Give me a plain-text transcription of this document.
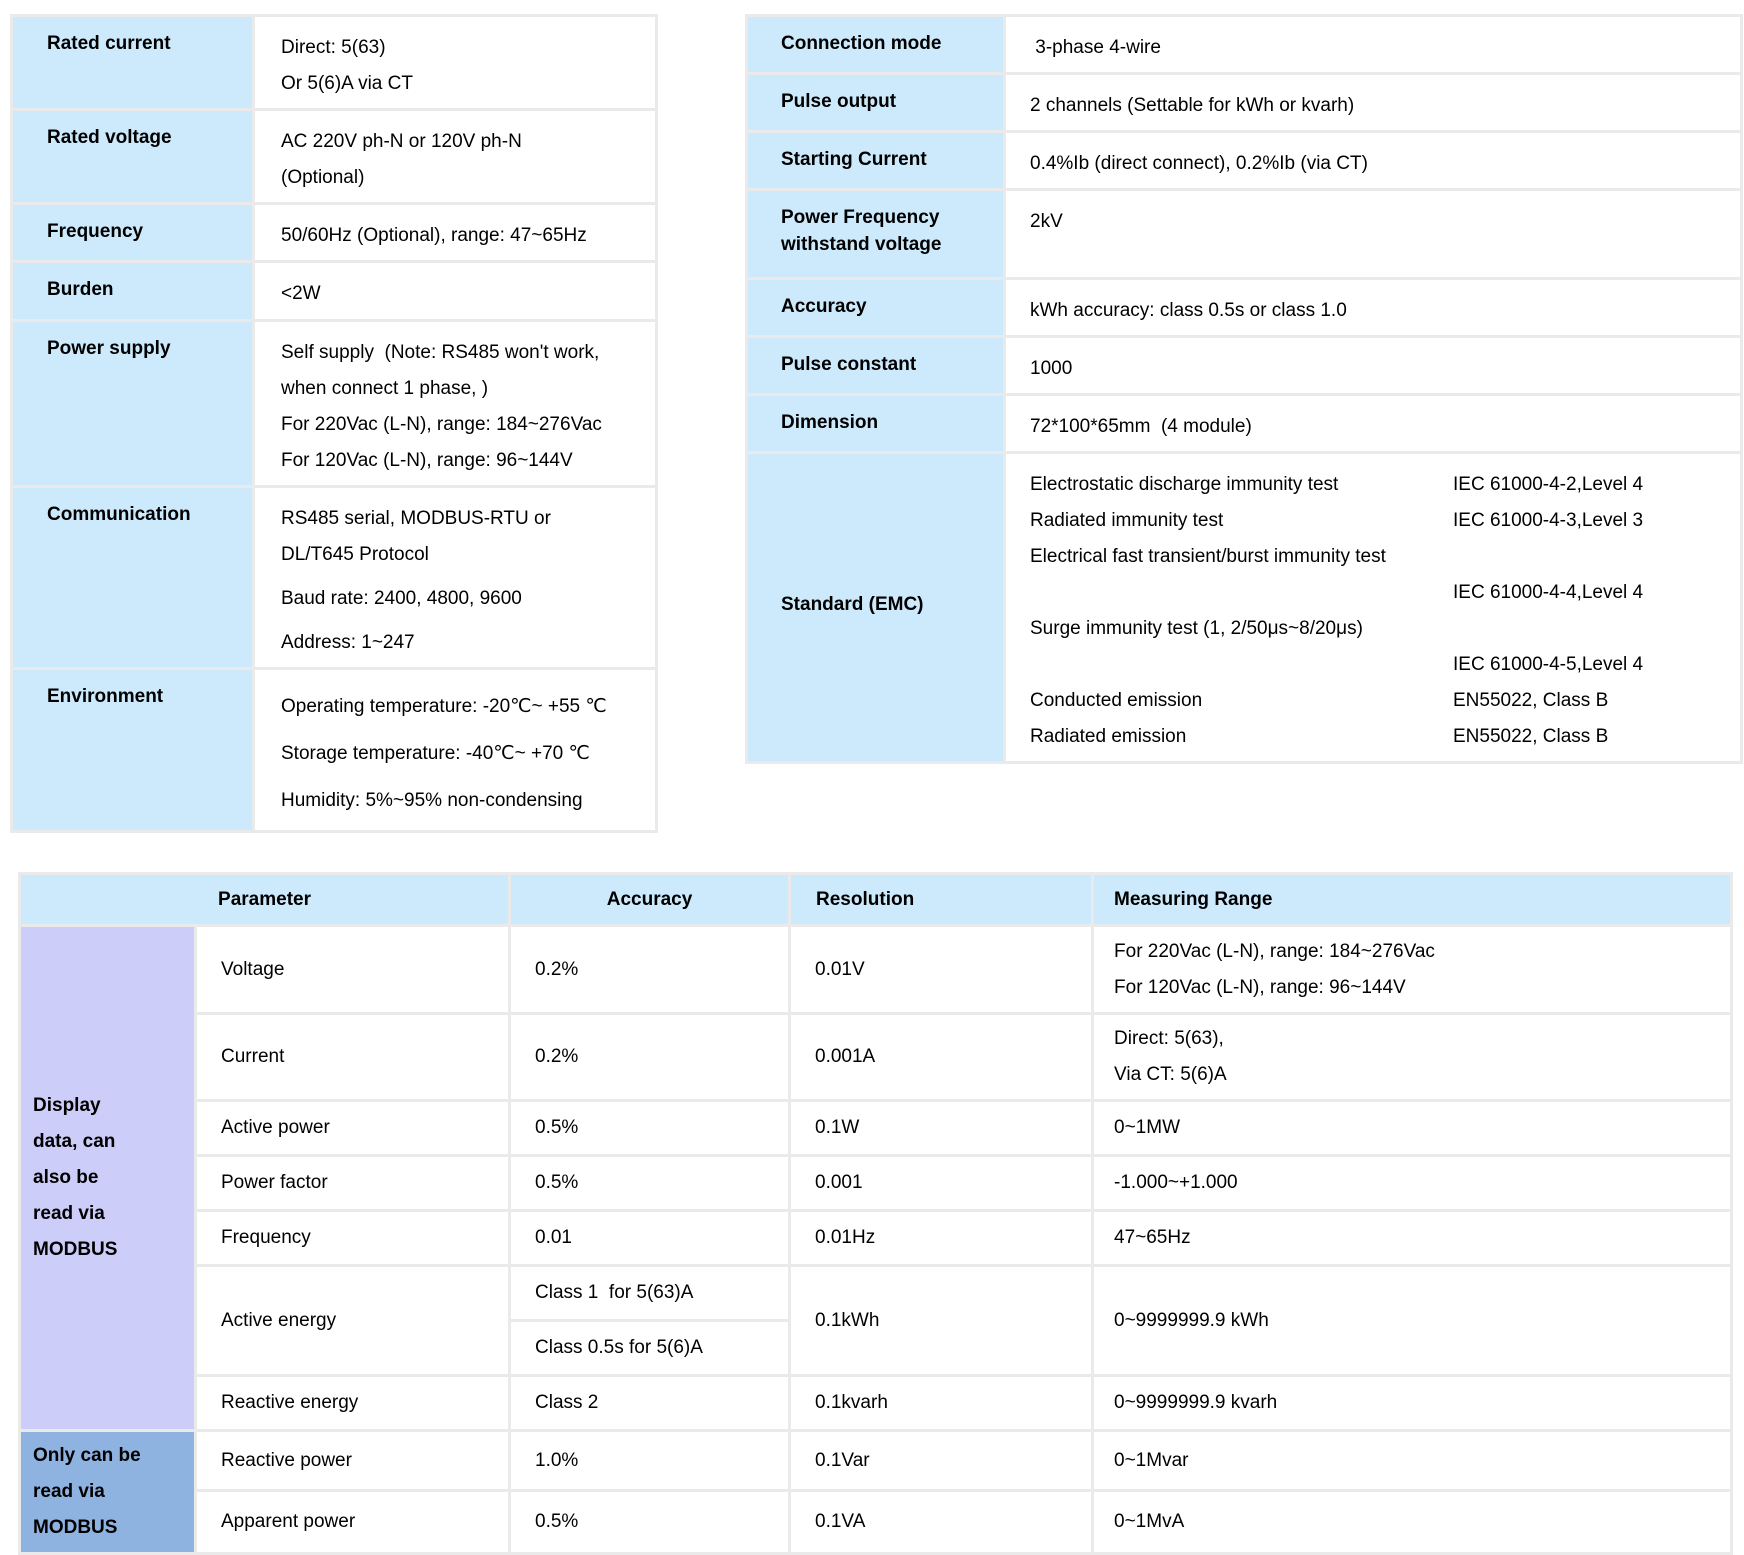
Rated current	Direct: 5(63)
Or 5(6)A via CT

Rated voltage	AC 220V ph-N or 120V ph-N
(Optional)

Frequency	50/60Hz (Optional), range: 47~65Hz

Burden	<2W

Power supply	Self supply  (Note: RS485 won't work,
when connect 1 phase, )
For 220Vac (L-N), range: 184~276Vac
For 120Vac (L-N), range: 96~144V

Communication	RS485 serial, MODBUS-RTU or
DL/T645 Protocol
Baud rate: 2400, 4800, 9600
Address: 1~247

Environment	Operating temperature: -20℃~ +55 ℃
Storage temperature: -40℃~ +70 ℃
Humidity: 5%~95% non-condensing
Connection mode	3-phase 4-wire

Pulse output	2 channels (Settable for kWh or kvarh)

Starting Current	0.4%Ib (direct connect), 0.2%Ib (via CT)

Power Frequency withstand voltage	2kV

Accuracy	kWh accuracy: class 0.5s or class 1.0

Pulse constant	1000

Dimension	72*100*65mm  (4 module)

Standard (EMC)	
Electrostatic discharge immunity test	IEC 61000-4-2,Level 4
Radiated immunity test	IEC 61000-4-3,Level 3
Electrical fast transient/burst immunity test
IEC 61000-4-4,Level 4
Surge immunity test (1, 2/50μs~8/20μs)
IEC 61000-4-5,Level 4
Conducted emission	EN55022, Class B
Radiated emission	EN55022, Class B
Parameter		Accuracy	Resolution	Measuring Range

Display data, can also be read via MODBUS	Voltage	0.2%	0.01V	For 220Vac (L-N), range: 184~276Vac
For 120Vac (L-N), range: 96~144V

	Current	0.2%	0.001A	Direct: 5(63),
Via CT: 5(6)A

	Active power	0.5%	0.1W	0~1MW

	Power factor	0.5%	0.001	-1.000~+1.000

	Frequency	0.01	0.01Hz	47~65Hz

	Active energy	Class 1  for 5(63)A	0.1kWh	0~9999999.9 kWh

		Class 0.5s for 5(6)A		
	Reactive energy	Class 2	0.1kvarh	0~9999999.9 kvarh

Only can be read via MODBUS	Reactive power	1.0%	0.1Var	0~1Mvar

	Apparent power	0.5%	0.1VA	0~1MvA
